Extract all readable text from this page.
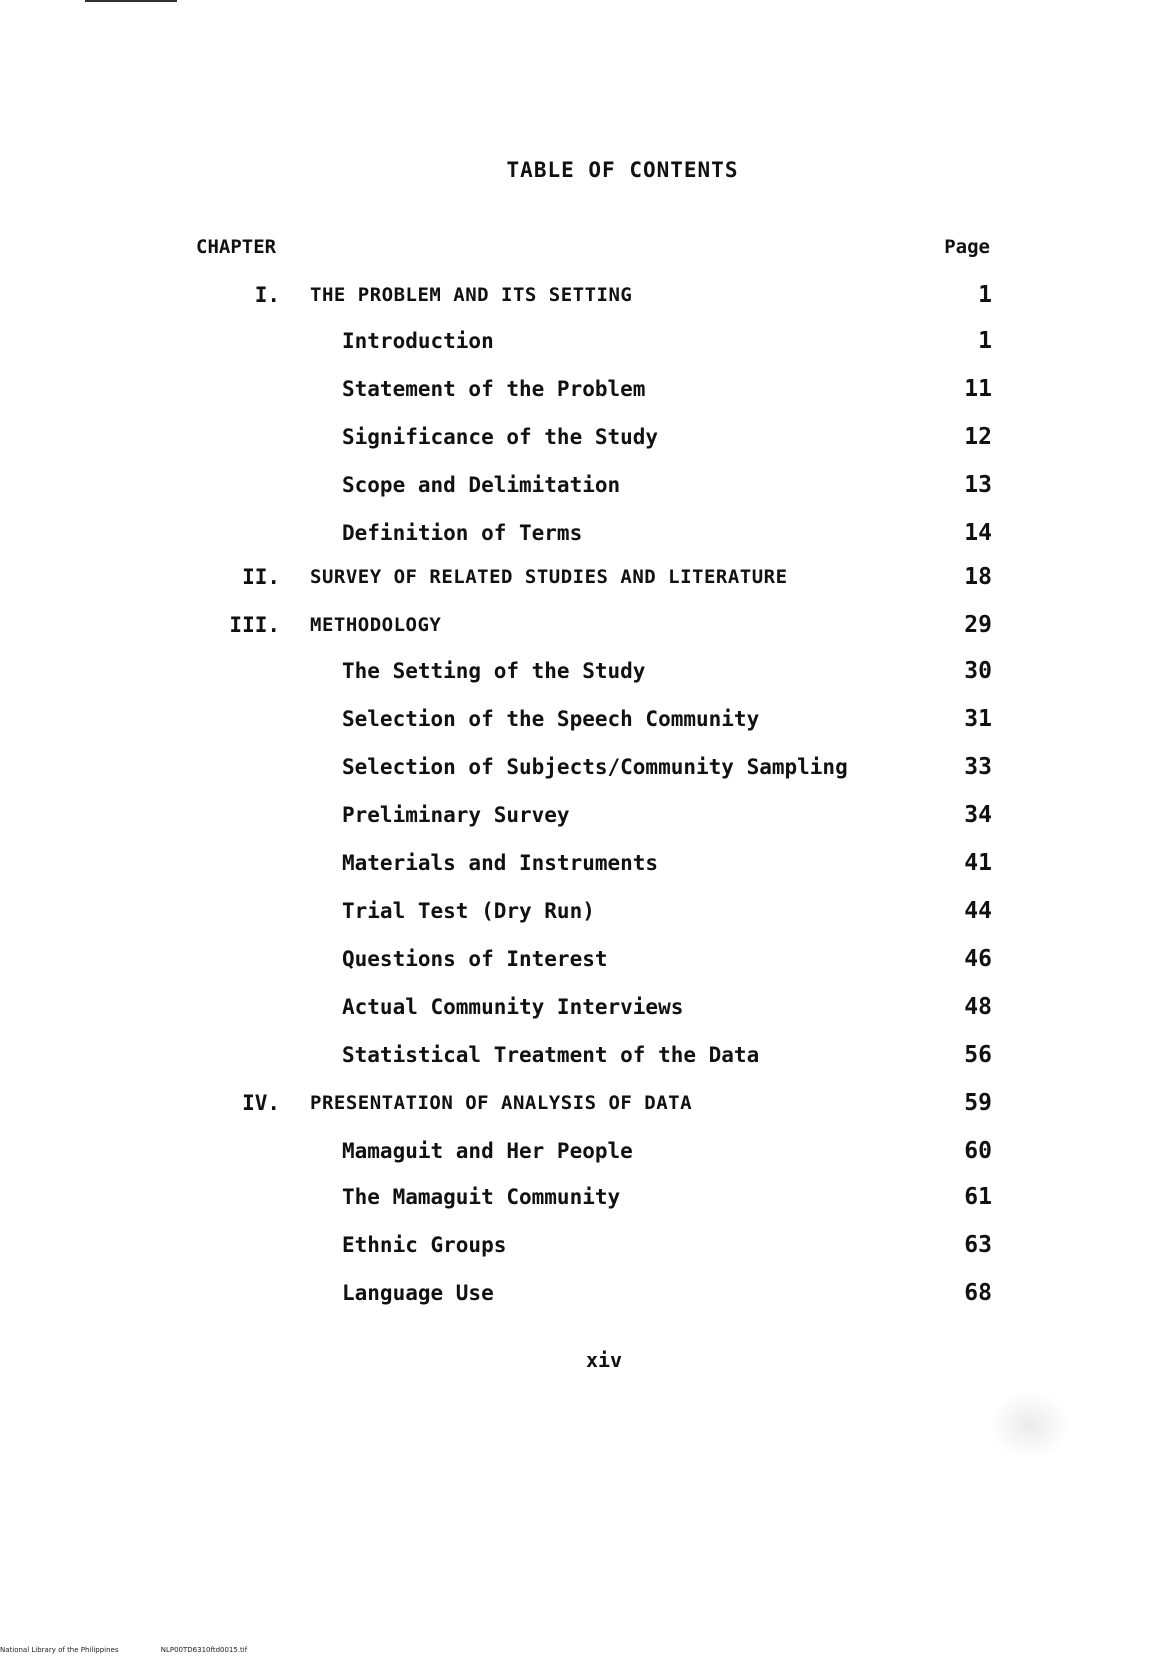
TABLE OF CONTENTS
CHAPTER	Page
I. THE PROBLEM AND ITS SETTING	1
Introduction	1
Statement of the Problem	11
Significance of the Study	12
Scope and Delimitation	13
Definition of Terms	14
II. SURVEY OF RELATED STUDIES AND LITERATURE	18
III. METHODOLOGY	29
The Setting of the Study	30
Selection of the Speech Community	31
Selection of Subjects/Community Sampling	33
Preliminary Survey	34
Materials and Instruments	41
Trial Test (Dry Run)	44
Questions of Interest	46
Actual Community Interviews	48
Statistical Treatment of the Data	56
IV. PRESENTATION OF ANALYSIS OF DATA	59
Mamaguit and Her People	60
The Mamaguit Community	61
Ethnic Groups	63
Language Use	68
xiv
National Library of the Philippines	NLP00TD6310ftd0015.tif
